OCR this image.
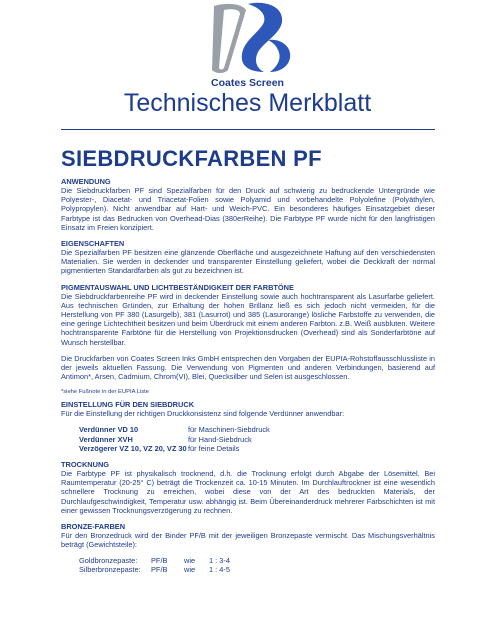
Coates Screen
Technisches Merkblatt
SIEBDRUCKFARBEN PF

ANWENDUNG

Die Siebdruckfarben PF sind Spezialfarben für den Druck auf schwierig zu bedruckende Untergründe wie Polyester-, Diacetat- und Triacetat-Folien sowie Polyamid und vorbehandelte Polyolefine (Polyäthylen, Polypropylen). Nicht anwendbar auf Hart- und Weich-PVC. Ein besonderes häufiges Einsatzgebiet dieser Farbtype ist das Bedrucken von Overhead-Dias (380erReihe). Die Farbtype PF wurde nicht für den langfristigen Einsatz im Freien konzipiert.

EIGENSCHAFTEN

Die Spezialfarben PF besitzen eine glänzende Oberfläche und ausgezeichnete Haftung auf den verschiedensten Materialien. Sie werden in deckender und transparenter Einstellung geliefert, wobei die Deckkraft der normal pigmentierten Standardfarben als gut zu bezeichnen ist.

PIGMENTAUSWAHL UND LICHTBESTÄNDIGKEIT DER FARBTÖNE

Die Siebdruckfarbenreihe PF wird in deckender Einstellung sowie auch hochtransparent als Lasurfarbe geliefert. Aus technischen Gründen, zur Erhaltung der hohen Brillanz ließ es sich jedoch nicht vermeiden, für die Herstellung von PF 380 (Lasurgelb), 381 (Lasurrot) und 385 (Lasurorange) lösliche Farbstoffe zu verwenden, die eine geringe Lichtechtheit besitzen und beim Überdruck mit einem anderen Farbton. z.B. Weiß ausbluten. Weitere hochtransparente Farbtöne für die Herstellung von Projektionsdrucken (Overhead) sind als Sonderfarbtöne auf Wunsch herstellbar.

Die Druckfarben von Coates Screen Inks GmbH entsprechen den Vorgaben der EUPIA-Rohstoffausschlussliste in der jeweils aktuellen Fassung. Die Verwendung von Pigmenten und anderen Verbindungen, basierend auf Antimon*, Arsen, Cadmium, Chrom(VI), Blei, Quecksilber und Selen ist ausgeschlossen.

*siehe Fußnote in der EUPIA Liste

EINSTELLUNG FÜR DEN SIEBDRUCK

Für die Einstellung der richtigen Druckkonsistenz sind folgende Verdünner anwendbar:

Verdünner VD 10	für Maschinen-Siebdruck
Verdünner XVH	für Hand-Siebdruck
Verzögerer VZ 10, VZ 20, VZ 30 für feine Details

TROCKNUNG

Die Farbtype PF ist physikalisch trocknend, d.h. die Trocknung erfolgt durch Abgabe der Lösemittel. Bei Raumtemperatur (20-25° C) beträgt die Trockenzeit ca. 10-15 Minuten. Im Durchlauftrockner ist eine wesentlich schnellere Trocknung zu erreichen, wobei diese von der Art des bedruckten Materials, der Durchlaufgeschwindigkeit, Temperatur usw. abhängig ist. Beim Übereinanderdruck mehrerer Farbschichten ist mit einer gewissen Trocknungsverzögerung zu rechnen.

BRONZE-FARBEN

Für den Bronzedruck wird der Binder PF/B mit der jeweiligen Bronzepaste vermischt. Das Mischungsverhältnis beträgt (Gewichtsteile):

Goldbronzepaste:	PF/B	wie	1 : 3-4
Silberbronzepaste:	PF/B	wie	1 : 4-5
